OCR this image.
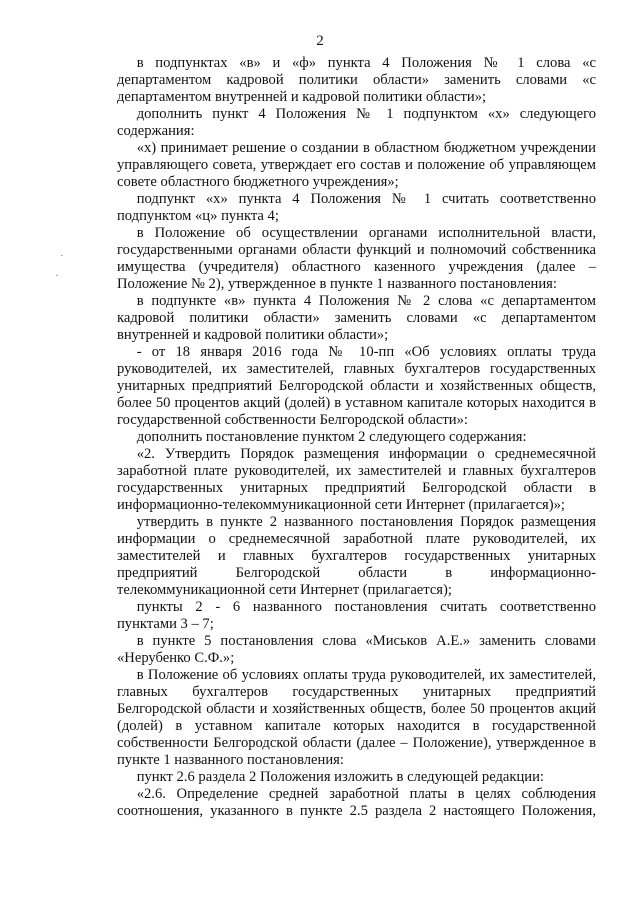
2
·
·

в подпунктах «в» и «ф» пункта 4 Положения № 1 слова «с департаментом кадровой политики области» заменить словами «с департаментом внутренней и кадровой политики области»;

дополнить пункт 4 Положения № 1 подпунктом «х» следующего содержания:

«х) принимает решение о создании в областном бюджетном учреждении управляющего совета, утверждает его состав и положение об управляющем совете областного бюджетного учреждения»;

подпункт «х» пункта 4 Положения № 1 считать соответственно подпунктом «ц» пункта 4;

в Положение об осуществлении органами исполнительной власти, государственными органами области функций и полномочий собственника имущества (учредителя) областного казенного учреждения (далее – Положение № 2), утвержденное в пункте 1 названного постановления:

в подпункте «в» пункта 4 Положения № 2 слова «с департаментом кадровой политики области» заменить словами «с департаментом внутренней и кадровой политики области»;

- от 18 января 2016 года № 10-пп «Об условиях оплаты труда руководителей, их заместителей, главных бухгалтеров государственных унитарных предприятий Белгородской области и хозяйственных обществ, более 50 процентов акций (долей) в уставном капитале которых находится в государственной собственности Белгородской области»:

дополнить постановление пунктом 2 следующего содержания:

«2. Утвердить Порядок размещения информации о среднемесячной заработной плате руководителей, их заместителей и главных бухгалтеров государственных унитарных предприятий Белгородской области в информационно-телекоммуникационной сети Интернет (прилагается)»;

утвердить в пункте 2 названного постановления Порядок размещения информации о среднемесячной заработной плате руководителей, их заместителей и главных бухгалтеров государственных унитарных предприятий Белгородской области в информационно-телекоммуникационной сети Интернет (прилагается);

пункты 2 - 6 названного постановления считать соответственно пунктами 3 – 7;

в пункте 5 постановления слова «Миськов А.Е.» заменить словами «Нерубенко С.Ф.»;

в Положение об условиях оплаты труда руководителей, их заместителей, главных бухгалтеров государственных унитарных предприятий Белгородской области и хозяйственных обществ, более 50 процентов акций (долей) в уставном капитале которых находится в государственной собственности Белгородской области (далее – Положение), утвержденное в пункте 1 названного постановления:

пункт 2.6 раздела 2 Положения изложить в следующей редакции:

«2.6. Определение средней заработной платы в целях соблюдения соотношения, указанного в пункте 2.5 раздела 2 настоящего Положения,
